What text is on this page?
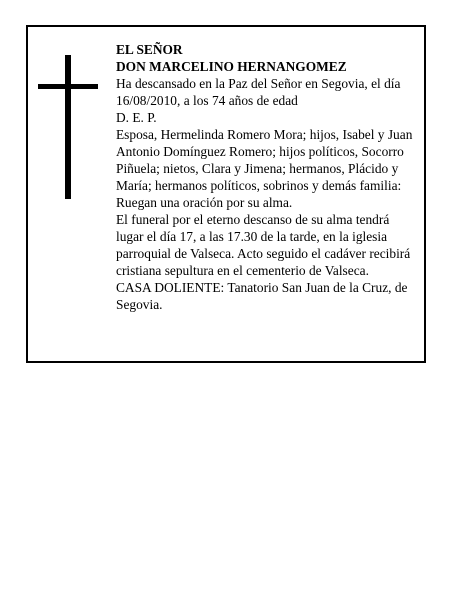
EL SEÑOR

DON MARCELINO HERNANGOMEZ

Ha descansado en la Paz del Señor en Segovia, el día 16/08/2010, a los 74 años de edad

D. E. P.

Esposa, Hermelinda Romero Mora; hijos, Isabel y Juan Antonio Domínguez Romero; hijos políticos, Socorro Piñuela; nietos, Clara y Jimena; hermanos, Plácido y María; hermanos políticos, sobrinos y demás familia:

Ruegan una oración por su alma.

El funeral por el eterno descanso de su alma tendrá lugar el día 17, a las 17.30 de la tarde, en la iglesia parroquial de Valseca. Acto seguido el cadáver recibirá cristiana sepultura en el cementerio de Valseca.

CASA DOLIENTE: Tanatorio San Juan de la Cruz, de Segovia.
